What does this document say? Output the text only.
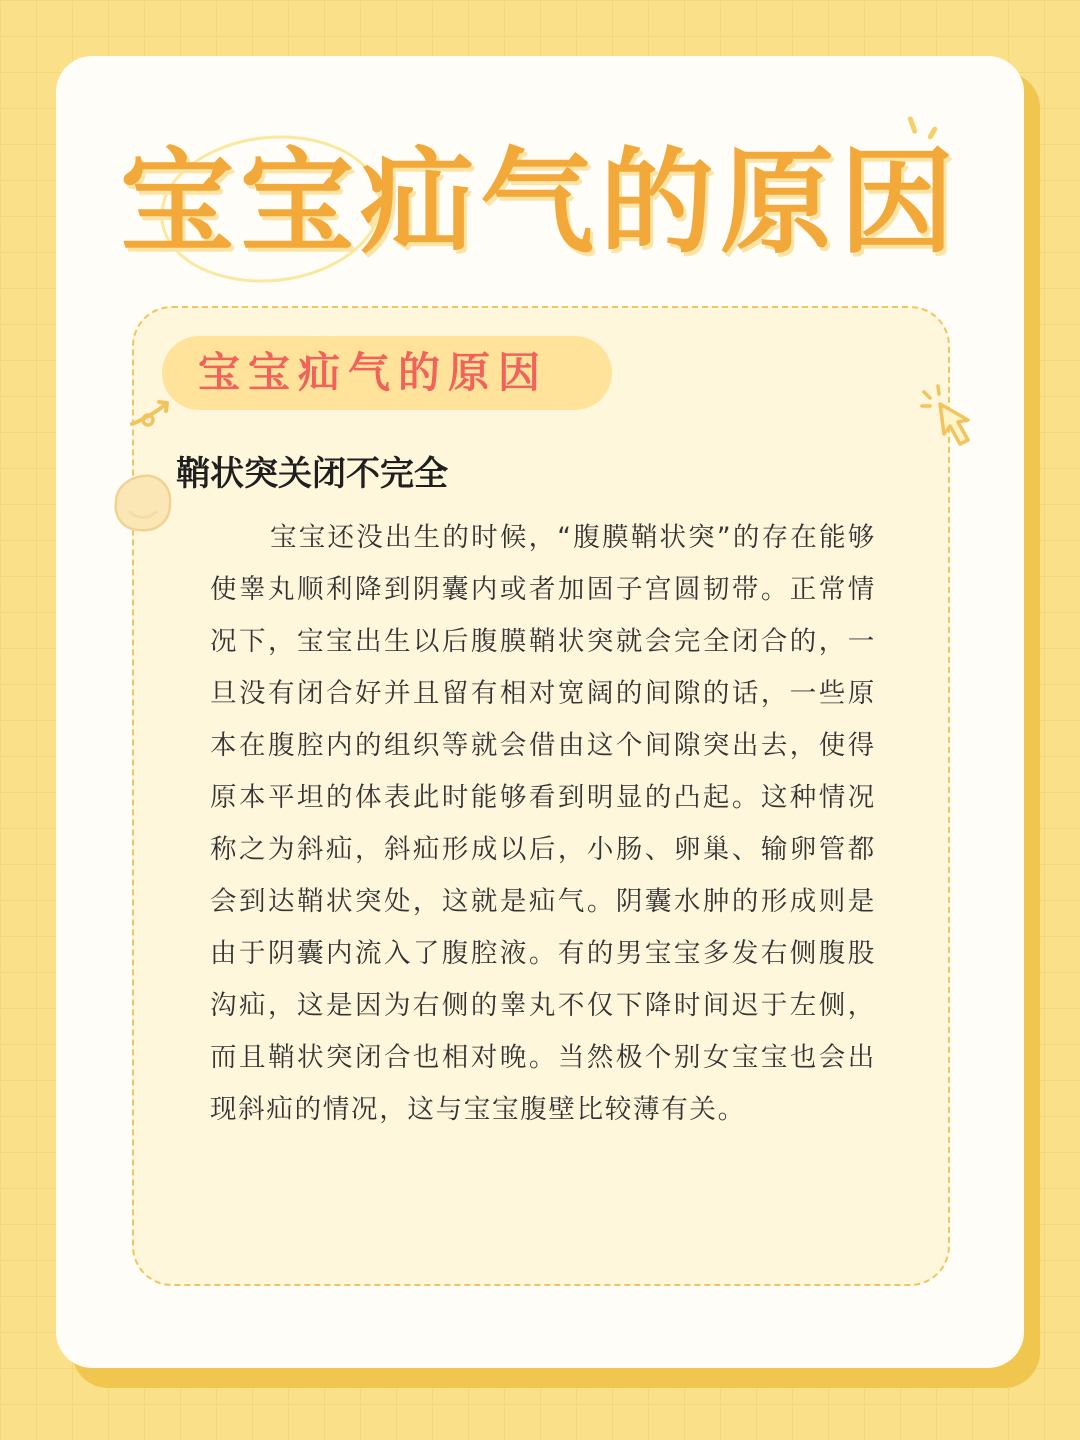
宝宝疝气的原因
宝宝疝气的原因
鞘状突关闭不完全

宝宝还没出生的时候，“腹膜鞘状突”的存在能够使睾丸顺利降到阴囊内或者加固子宫圆韧带。正常情况下，宝宝出生以后腹膜鞘状突就会完全闭合的，一旦没有闭合好并且留有相对宽阔的间隙的话，一些原本在腹腔内的组织等就会借由这个间隙突出去，使得原本平坦的体表此时能够看到明显的凸起。这种情况称之为斜疝，斜疝形成以后，小肠、卵巢、输卵管都会到达鞘状突处，这就是疝气。阴囊水肿的形成则是由于阴囊内流入了腹腔液。有的男宝宝多发右侧腹股沟疝，这是因为右侧的睾丸不仅下降时间迟于左侧，而且鞘状突闭合也相对晚。当然极个别女宝宝也会出现斜疝的情况，这与宝宝腹壁比较薄有关。
